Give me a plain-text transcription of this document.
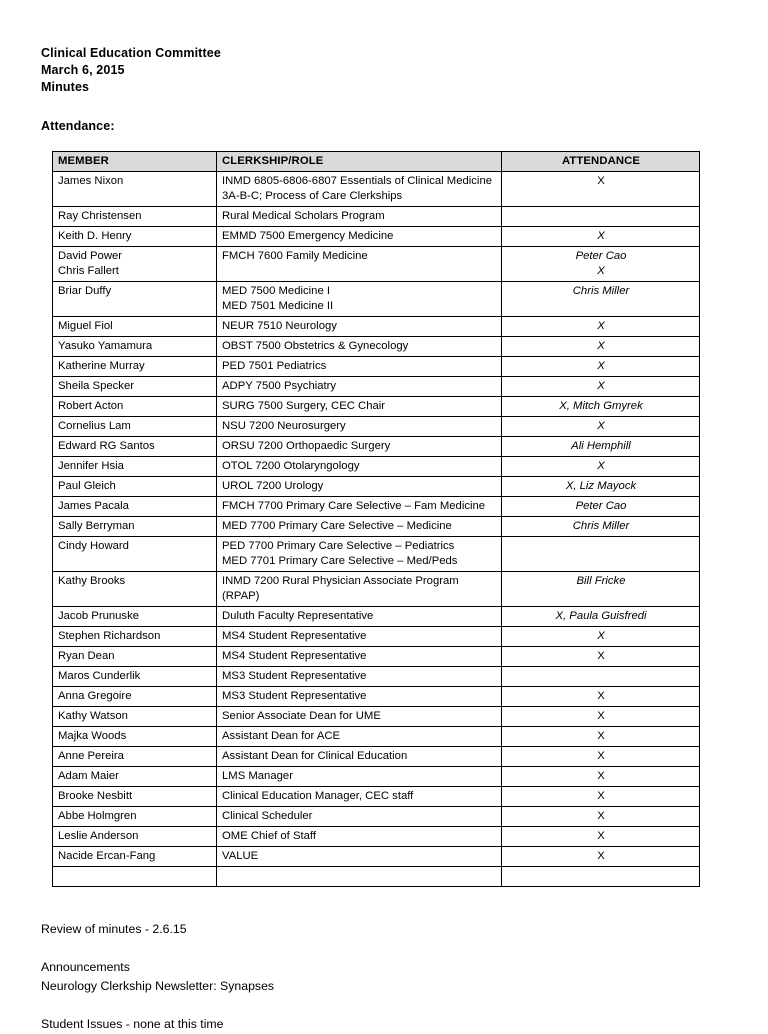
Clinical Education Committee
March 6, 2015
Minutes
Attendance:
MEMBER	CLERKSHIP/ROLE	ATTENDANCE
James Nixon	INMD 6805-6806-6807 Essentials of Clinical Medicine
3A-B-C; Process of Care Clerkships	X

Ray Christensen	Rural Medical Scholars Program	

Keith D. Henry	EMMD 7500 Emergency Medicine	X

David Power
Chris Fallert	FMCH 7600 Family Medicine	Peter Cao
X

Briar Duffy	MED 7500 Medicine I
MED 7501 Medicine II	Chris Miller

Miguel Fiol	NEUR 7510 Neurology	X

Yasuko Yamamura	OBST 7500 Obstetrics & Gynecology	X

Katherine Murray	PED 7501 Pediatrics	X

Sheila Specker	ADPY 7500 Psychiatry	X

Robert Acton	SURG 7500 Surgery, CEC Chair	X, Mitch Gmyrek

Cornelius Lam	NSU 7200 Neurosurgery	X

Edward RG Santos	ORSU 7200 Orthopaedic Surgery	Ali Hemphill

Jennifer Hsia	OTOL 7200 Otolaryngology	X

Paul Gleich	UROL 7200 Urology	X, Liz Mayock

James Pacala	FMCH 7700 Primary Care Selective – Fam Medicine	Peter Cao

Sally Berryman	MED 7700 Primary Care Selective – Medicine	Chris Miller

Cindy Howard	PED 7700 Primary Care Selective – Pediatrics
MED 7701 Primary Care Selective – Med/Peds	

Kathy Brooks	INMD 7200 Rural Physician Associate Program (RPAP)	Bill Fricke

Jacob Prunuske	Duluth Faculty Representative	X, Paula Guisfredi

Stephen Richardson	MS4 Student Representative	X

Ryan Dean	MS4 Student Representative	X

Maros Cunderlik	MS3 Student Representative	

Anna Gregoire	MS3 Student Representative	X

Kathy Watson	Senior Associate Dean for UME	X

Majka Woods	Assistant Dean for ACE	X

Anne Pereira	Assistant Dean for Clinical Education	X

Adam Maier	LMS Manager	X

Brooke Nesbitt	Clinical Education Manager, CEC staff	X

Abbe Holmgren	Clinical Scheduler	X

Leslie Anderson	OME Chief of Staff	X

Nacide Ercan-Fang	VALUE	X

Review of minutes - 2.6.15
Announcements
Neurology Clerkship Newsletter: Synapses
Student Issues - none at this time
